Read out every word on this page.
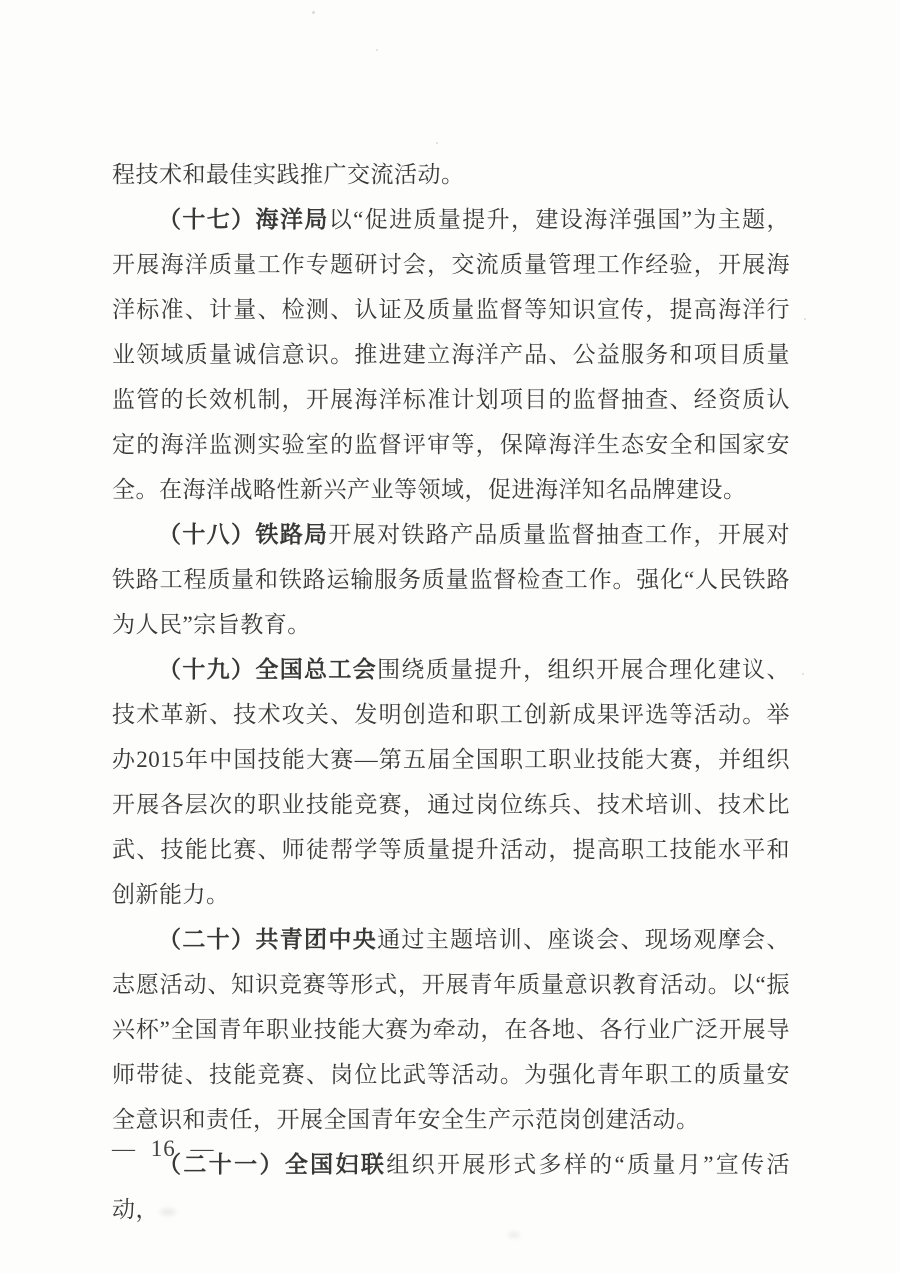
程技术和最佳实践推广交流活动。

（十七）海洋局以“促进质量提升，建设海洋强国”为主题，开展海洋质量工作专题研讨会，交流质量管理工作经验，开展海洋标准、计量、检测、认证及质量监督等知识宣传，提高海洋行业领域质量诚信意识。推进建立海洋产品、公益服务和项目质量监管的长效机制，开展海洋标准计划项目的监督抽查、经资质认定的海洋监测实验室的监督评审等，保障海洋生态安全和国家安全。在海洋战略性新兴产业等领域，促进海洋知名品牌建设。

（十八）铁路局开展对铁路产品质量监督抽查工作，开展对铁路工程质量和铁路运输服务质量监督检查工作。强化“人民铁路为人民”宗旨教育。

（十九）全国总工会围绕质量提升，组织开展合理化建议、技术革新、技术攻关、发明创造和职工创新成果评选等活动。举办2015年中国技能大赛—第五届全国职工职业技能大赛，并组织开展各层次的职业技能竞赛，通过岗位练兵、技术培训、技术比武、技能比赛、师徒帮学等质量提升活动，提高职工技能水平和创新能力。

（二十）共青团中央通过主题培训、座谈会、现场观摩会、志愿活动、知识竞赛等形式，开展青年质量意识教育活动。以“振兴杯”全国青年职业技能大赛为牵动，在各地、各行业广泛开展导师带徒、技能竞赛、岗位比武等活动。为强化青年职工的质量安全意识和责任，开展全国青年安全生产示范岗创建活动。

（二十一）全国妇联组织开展形式多样的“质量月”宣传活动，

— 16 —
